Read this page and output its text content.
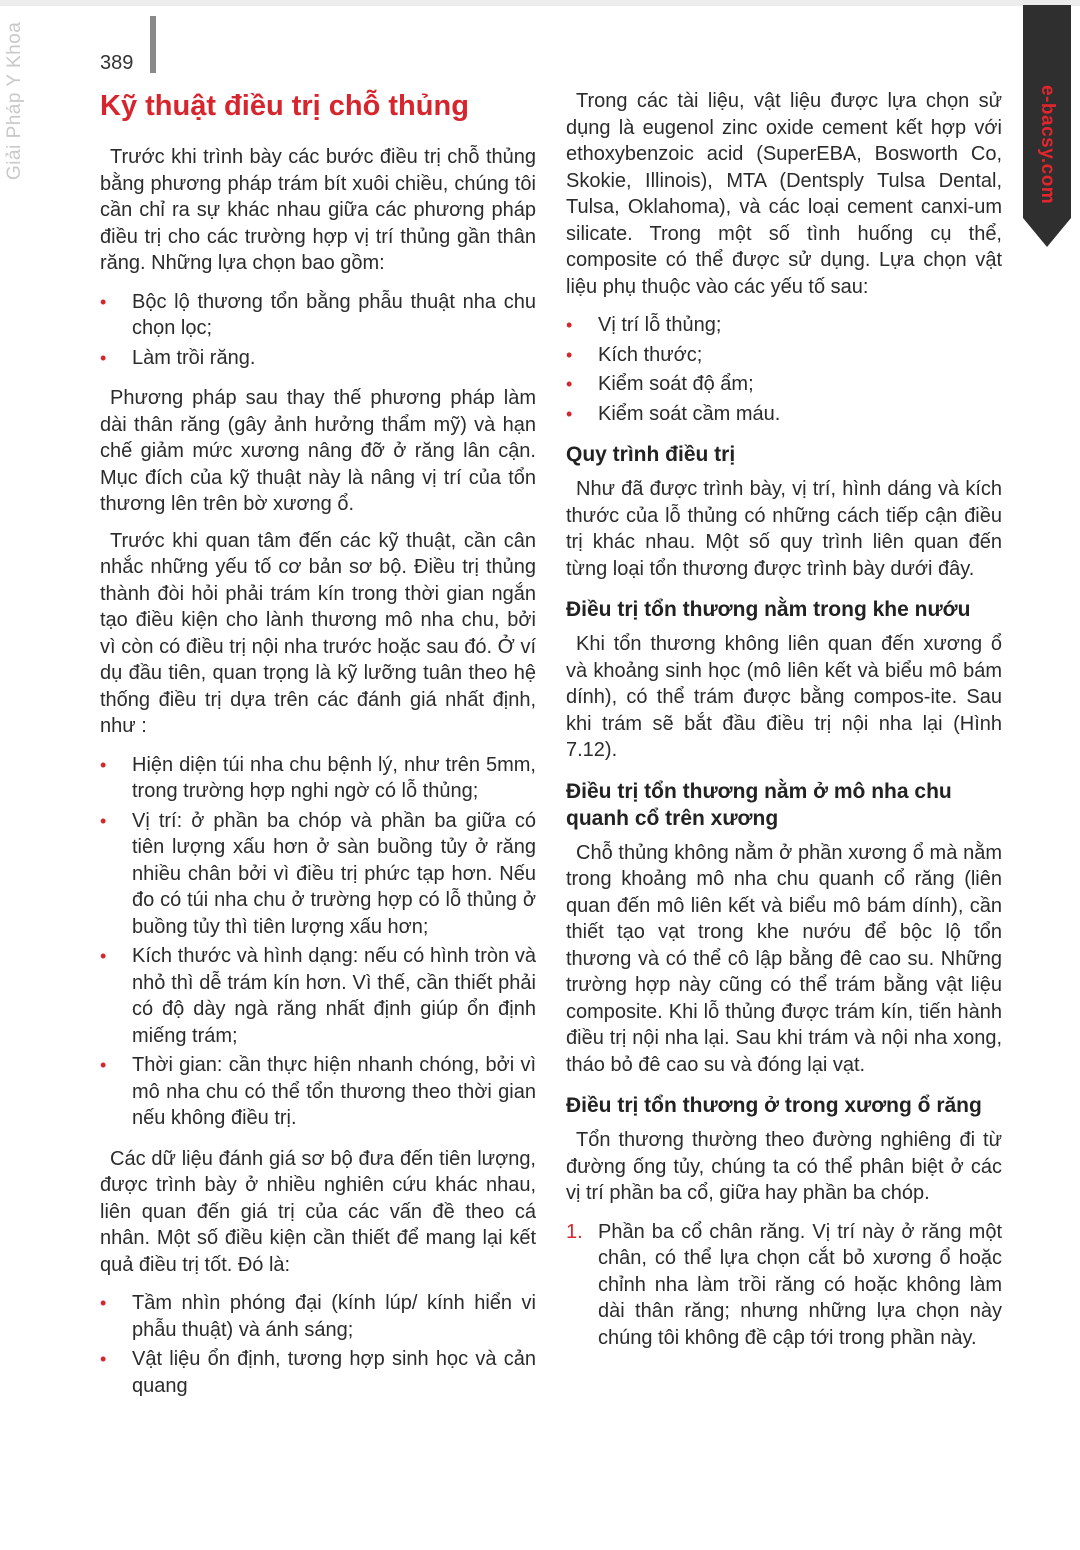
Giải Pháp Y Khoa	389
e-bacsy.com
Kỹ thuật điều trị chỗ thủng

Trước khi trình bày các bước điều trị chỗ thủng bằng phương pháp trám bít xuôi chiều, chúng tôi cần chỉ ra sự khác nhau giữa các phương pháp điều trị cho các trường hợp vị trí thủng gần thân răng. Những lựa chọn bao gồm:

• Bộc lộ thương tổn bằng phẫu thuật nha chu chọn lọc;
• Làm trồi răng.

Phương pháp sau thay thế phương pháp làm dài thân răng (gây ảnh hưởng thẩm mỹ) và hạn chế giảm mức xương nâng đỡ ở răng lân cận. Mục đích của kỹ thuật này là nâng vị trí của tổn thương lên trên bờ xương ổ.

Trước khi quan tâm đến các kỹ thuật, cần cân nhắc những yếu tố cơ bản sơ bộ. Điều trị thủng thành đòi hỏi phải trám kín trong thời gian ngắn tạo điều kiện cho lành thương mô nha chu, bởi vì còn có điều trị nội nha trước hoặc sau đó. Ở ví dụ đầu tiên, quan trọng là kỹ lưỡng tuân theo hệ thống điều trị dựa trên các đánh giá nhất định, như :

• Hiện diện túi nha chu bệnh lý, như trên 5mm, trong trường hợp nghi ngờ có lỗ thủng;
• Vị trí: ở phần ba chóp và phần ba giữa có tiên lượng xấu hơn ở sàn buồng tủy ở răng nhiều chân bởi vì điều trị phức tạp hơn. Nếu đo có túi nha chu ở trường hợp có lỗ thủng ở buồng tủy thì tiên lượng xấu hơn;
• Kích thước và hình dạng: nếu có hình tròn và nhỏ thì dễ trám kín hơn. Vì thế, cần thiết phải có độ dày ngà răng nhất định giúp ổn định miếng trám;
• Thời gian: cần thực hiện nhanh chóng, bởi vì mô nha chu có thể tổn thương theo thời gian nếu không điều trị.

Các dữ liệu đánh giá sơ bộ đưa đến tiên lượng, được trình bày ở nhiều nghiên cứu khác nhau, liên quan đến giá trị của các vấn đề theo cá nhân. Một số điều kiện cần thiết để mang lại kết quả điều trị tốt. Đó là:

• Tầm nhìn phóng đại (kính lúp/ kính hiển vi phẫu thuật) và ánh sáng;
• Vật liệu ổn định, tương hợp sinh học và cản quang

Trong các tài liệu, vật liệu được lựa chọn sử dụng là eugenol zinc oxide cement kết hợp với ethoxybenzoic acid (SuperEBA, Bosworth Co, Skokie, Illinois), MTA (Dentsply Tulsa Dental, Tulsa, Oklahoma), và các loại cement canxi-um silicate. Trong một số tình huống cụ thể, composite có thể được sử dụng. Lựa chọn vật liệu phụ thuộc vào các yếu tố sau:

• Vị trí lỗ thủng;
• Kích thước;
• Kiểm soát độ ẩm;
• Kiểm soát cầm máu.
Quy trình điều trị

Như đã được trình bày, vị trí, hình dáng và kích thước của lỗ thủng có những cách tiếp cận điều trị khác nhau. Một số quy trình liên quan đến từng loại tổn thương được trình bày dưới đây.

Điều trị tổn thương nằm trong khe nướu

Khi tổn thương không liên quan đến xương ổ và khoảng sinh học (mô liên kết và biểu mô bám dính), có thể trám được bằng compos-ite. Sau khi trám sẽ bắt đầu điều trị nội nha lại (Hình 7.12).

Điều trị tổn thương nằm ở mô nha chu quanh cổ trên xương

Chỗ thủng không nằm ở phần xương ổ mà nằm trong khoảng mô nha chu quanh cổ răng (liên quan đến mô liên kết và biểu mô bám dính), cần thiết tạo vạt trong khe nướu để bộc lộ tổn thương và có thể cô lập bằng đê cao su. Những trường hợp này cũng có thể trám bằng vật liệu composite. Khi lỗ thủng được trám kín, tiến hành điều trị nội nha lại. Sau khi trám và nội nha xong, tháo bỏ đê cao su và đóng lại vạt.

Điều trị tổn thương ở trong xương ổ răng

Tổn thương thường theo đường nghiêng đi từ đường ống tủy, chúng ta có thể phân biệt ở các vị trí phần ba cổ, giữa hay phần ba chóp.

1. Phần ba cổ chân răng. Vị trí này ở răng một chân, có thể lựa chọn cắt bỏ xương ổ hoặc chỉnh nha làm trồi răng có hoặc không làm dài thân răng; nhưng những lựa chọn này chúng tôi không đề cập tới trong phần này.
